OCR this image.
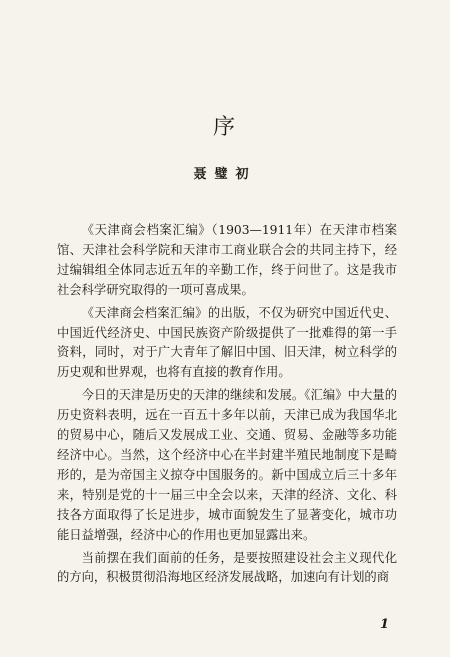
序
聂璧初

《天津商会档案汇编》（1903—1911年）在天津市档案馆、天津社会科学院和天津市工商业联合会的共同主持下，经过编辑组全体同志近五年的辛勤工作，终于问世了。这是我市社会科学研究取得的一项可喜成果。

《天津商会档案汇编》的出版，不仅为研究中国近代史、中国近代经济史、中国民族资产阶级提供了一批难得的第一手资料，同时，对于广大青年了解旧中国、旧天津，树立科学的历史观和世界观，也将有直接的教育作用。

今日的天津是历史的天津的继续和发展。《汇编》中大量的历史资料表明，远在一百五十多年以前，天津已成为我国华北的贸易中心，随后又发展成工业、交通、贸易、金融等多功能经济中心。当然，这个经济中心在半封建半殖民地制度下是畸形的，是为帝国主义掠夺中国服务的。新中国成立后三十多年来，特别是党的十一届三中全会以来，天津的经济、文化、科技各方面取得了长足进步，城市面貌发生了显著变化，城市功能日益增强，经济中心的作用也更加显露出来。

当前摆在我们面前的任务，是要按照建设社会主义现代化的方向，积极贯彻沿海地区经济发展战略，加速向有计划的商

1
